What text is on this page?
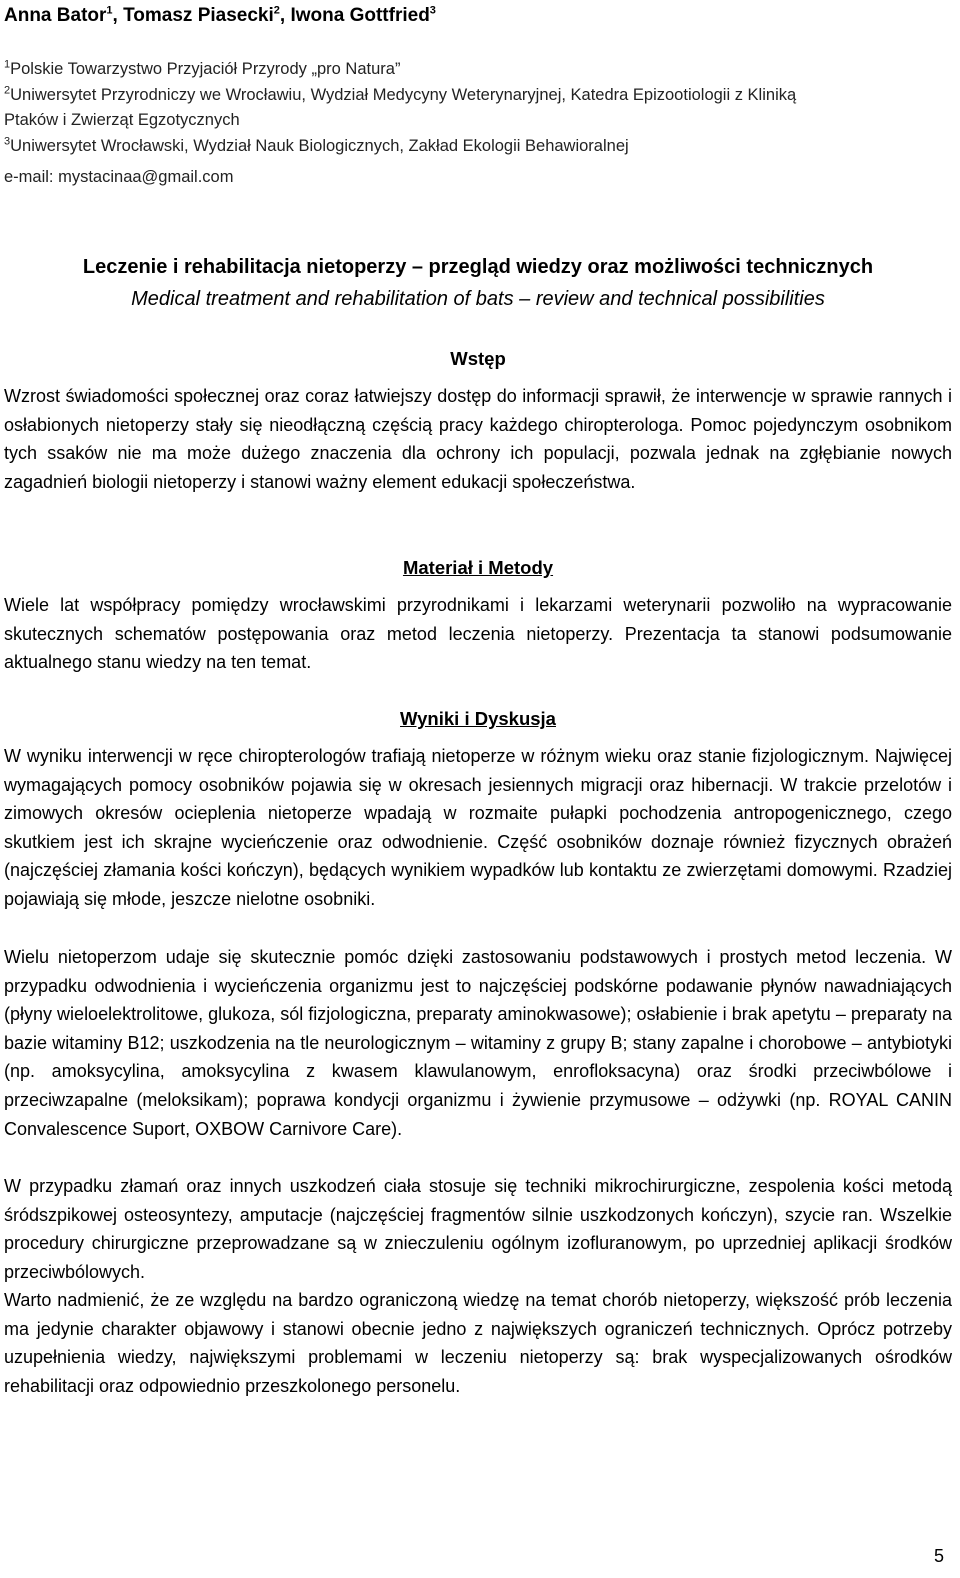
Anna Bator$^1$, Tomasz Piasecki$^2$, Iwona Gottfried$^3$
$^1$Polskie Towarzystwo Przyjaciół Przyrody „pro Natura”
$^2$Uniwersytet Przyrodniczy we Wrocławiu, Wydział Medycyny Weterynaryjnej, Katedra Epizootiologii z Kliniką
Ptaków i Zwierząt Egzotycznych
$^3$Uniwersytet Wrocławski, Wydział Nauk Biologicznych, Zakład Ekologii Behawioralnej
e-mail: mystacinaa@gmail.com
Leczenie i rehabilitacja nietoperzy – przegląd wiedzy oraz możliwości technicznych
Medical treatment and rehabilitation of bats – review and technical possibilities
Wstęp
Wzrost świadomości społecznej oraz coraz łatwiejszy dostęp do informacji sprawił, że interwencje w sprawie rannych i osłabionych nietoperzy stały się nieodłączną częścią pracy każdego chiropterologa. Pomoc pojedynczym osobnikom tych ssaków nie ma może dużego znaczenia dla ochrony ich populacji, pozwala jednak na zgłębianie nowych zagadnień biologii nietoperzy i stanowi ważny element edukacji społeczeństwa.
Materiał i Metody
Wiele lat współpracy pomiędzy wrocławskimi przyrodnikami i lekarzami weterynarii pozwoliło na wypracowanie skutecznych schematów postępowania oraz metod leczenia nietoperzy. Prezentacja ta stanowi podsumowanie aktualnego stanu wiedzy na ten temat.
Wyniki i Dyskusja
W wyniku interwencji w ręce chiropterologów trafiają nietoperze w różnym wieku oraz stanie fizjologicznym. Najwięcej wymagających pomocy osobników pojawia się w okresach jesiennych migracji oraz hibernacji. W trakcie przelotów i zimowych okresów ocieplenia nietoperze wpadają w rozmaite pułapki pochodzenia antropogenicznego, czego skutkiem jest ich skrajne wycieńczenie oraz odwodnienie. Część osobników doznaje również fizycznych obrażeń (najczęściej złamania kości kończyn), będących wynikiem wypadków lub kontaktu ze zwierzętami domowymi. Rzadziej pojawiają się młode, jeszcze nielotne osobniki.
Wielu nietoperzom udaje się skutecznie pomóc dzięki zastosowaniu podstawowych i prostych metod leczenia. W przypadku odwodnienia i wycieńczenia organizmu jest to najczęściej podskórne podawanie płynów nawadniających (płyny wieloelektrolitowe, glukoza, sól fizjologiczna, preparaty aminokwasowe); osłabienie i brak apetytu – preparaty na bazie witaminy B12; uszkodzenia na tle neurologicznym – witaminy z grupy B; stany zapalne i chorobowe – antybiotyki (np. amoksycylina, amoksycylina z kwasem klawulanowym, enrofloksacyna) oraz środki przeciwbólowe i przeciwzapalne (meloksikam); poprawa kondycji organizmu i żywienie przymusowe – odżywki (np. ROYAL CANIN Convalescence Suport, OXBOW Carnivore Care).
W przypadku złamań oraz innych uszkodzeń ciała stosuje się techniki mikrochirurgiczne, zespolenia kości metodą śródszpikowej osteosyntezy, amputacje (najczęściej fragmentów silnie uszkodzonych kończyn), szycie ran. Wszelkie procedury chirurgiczne przeprowadzane są w znieczuleniu ogólnym izofluranowym, po uprzedniej aplikacji środków przeciwbólowych.
Warto nadmienić, że ze względu na bardzo ograniczoną wiedzę na temat chorób nietoperzy, większość prób leczenia ma jedynie charakter objawowy i stanowi obecnie jedno z największych ograniczeń technicznych. Oprócz potrzeby uzupełnienia wiedzy, największymi problemami w leczeniu nietoperzy są: brak wyspecjalizowanych ośrodków rehabilitacji oraz odpowiednio przeszkolonego personelu.
5
